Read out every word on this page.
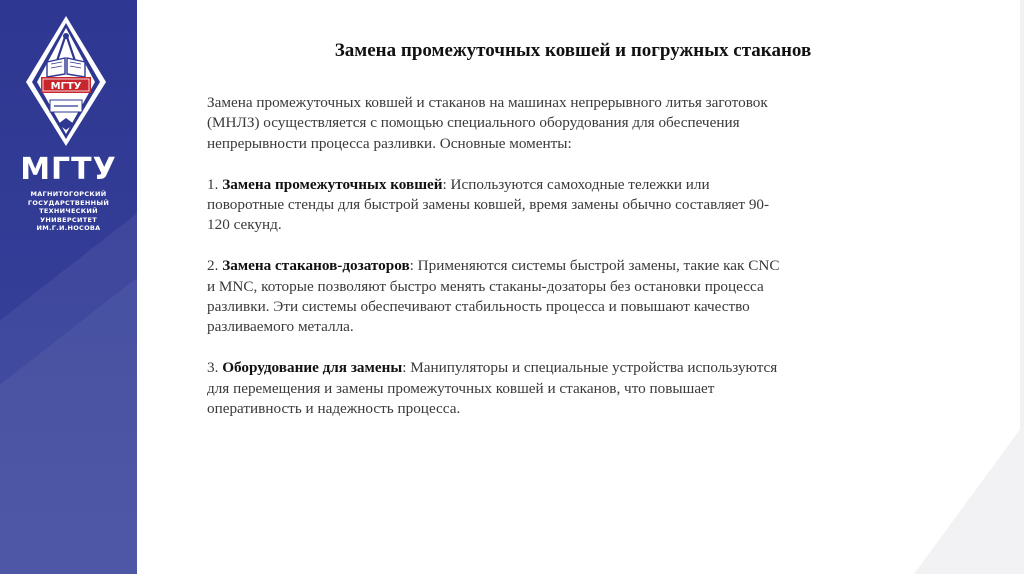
МГТУ
МГТУ
МАГНИТОГОРСКИЙ
ГОСУДАРСТВЕННЫЙ
ТЕХНИЧЕСКИЙ
УНИВЕРСИТЕТ
ИМ.Г.И.НОСОВА
Замена промежуточных ковшей и погружных стаканов

Замена промежуточных ковшей и стаканов на машинах непрерывного литья заготовок
(МНЛЗ) осуществляется с помощью специального оборудования для обеспечения
непрерывности процесса разливки. Основные моменты:

1. Замена промежуточных ковшей: Используются самоходные тележки или
поворотные стенды для быстрой замены ковшей, время замены обычно составляет 90-
120 секунд.

2. Замена стаканов-дозаторов: Применяются системы быстрой замены, такие как CNC
и MNC, которые позволяют быстро менять стаканы-дозаторы без остановки процесса
разливки. Эти системы обеспечивают стабильность процесса и повышают качество
разливаемого металла.

3. Оборудование для замены: Манипуляторы и специальные устройства используются
для перемещения и замены промежуточных ковшей и стаканов, что повышает
оперативность и надежность процесса.
